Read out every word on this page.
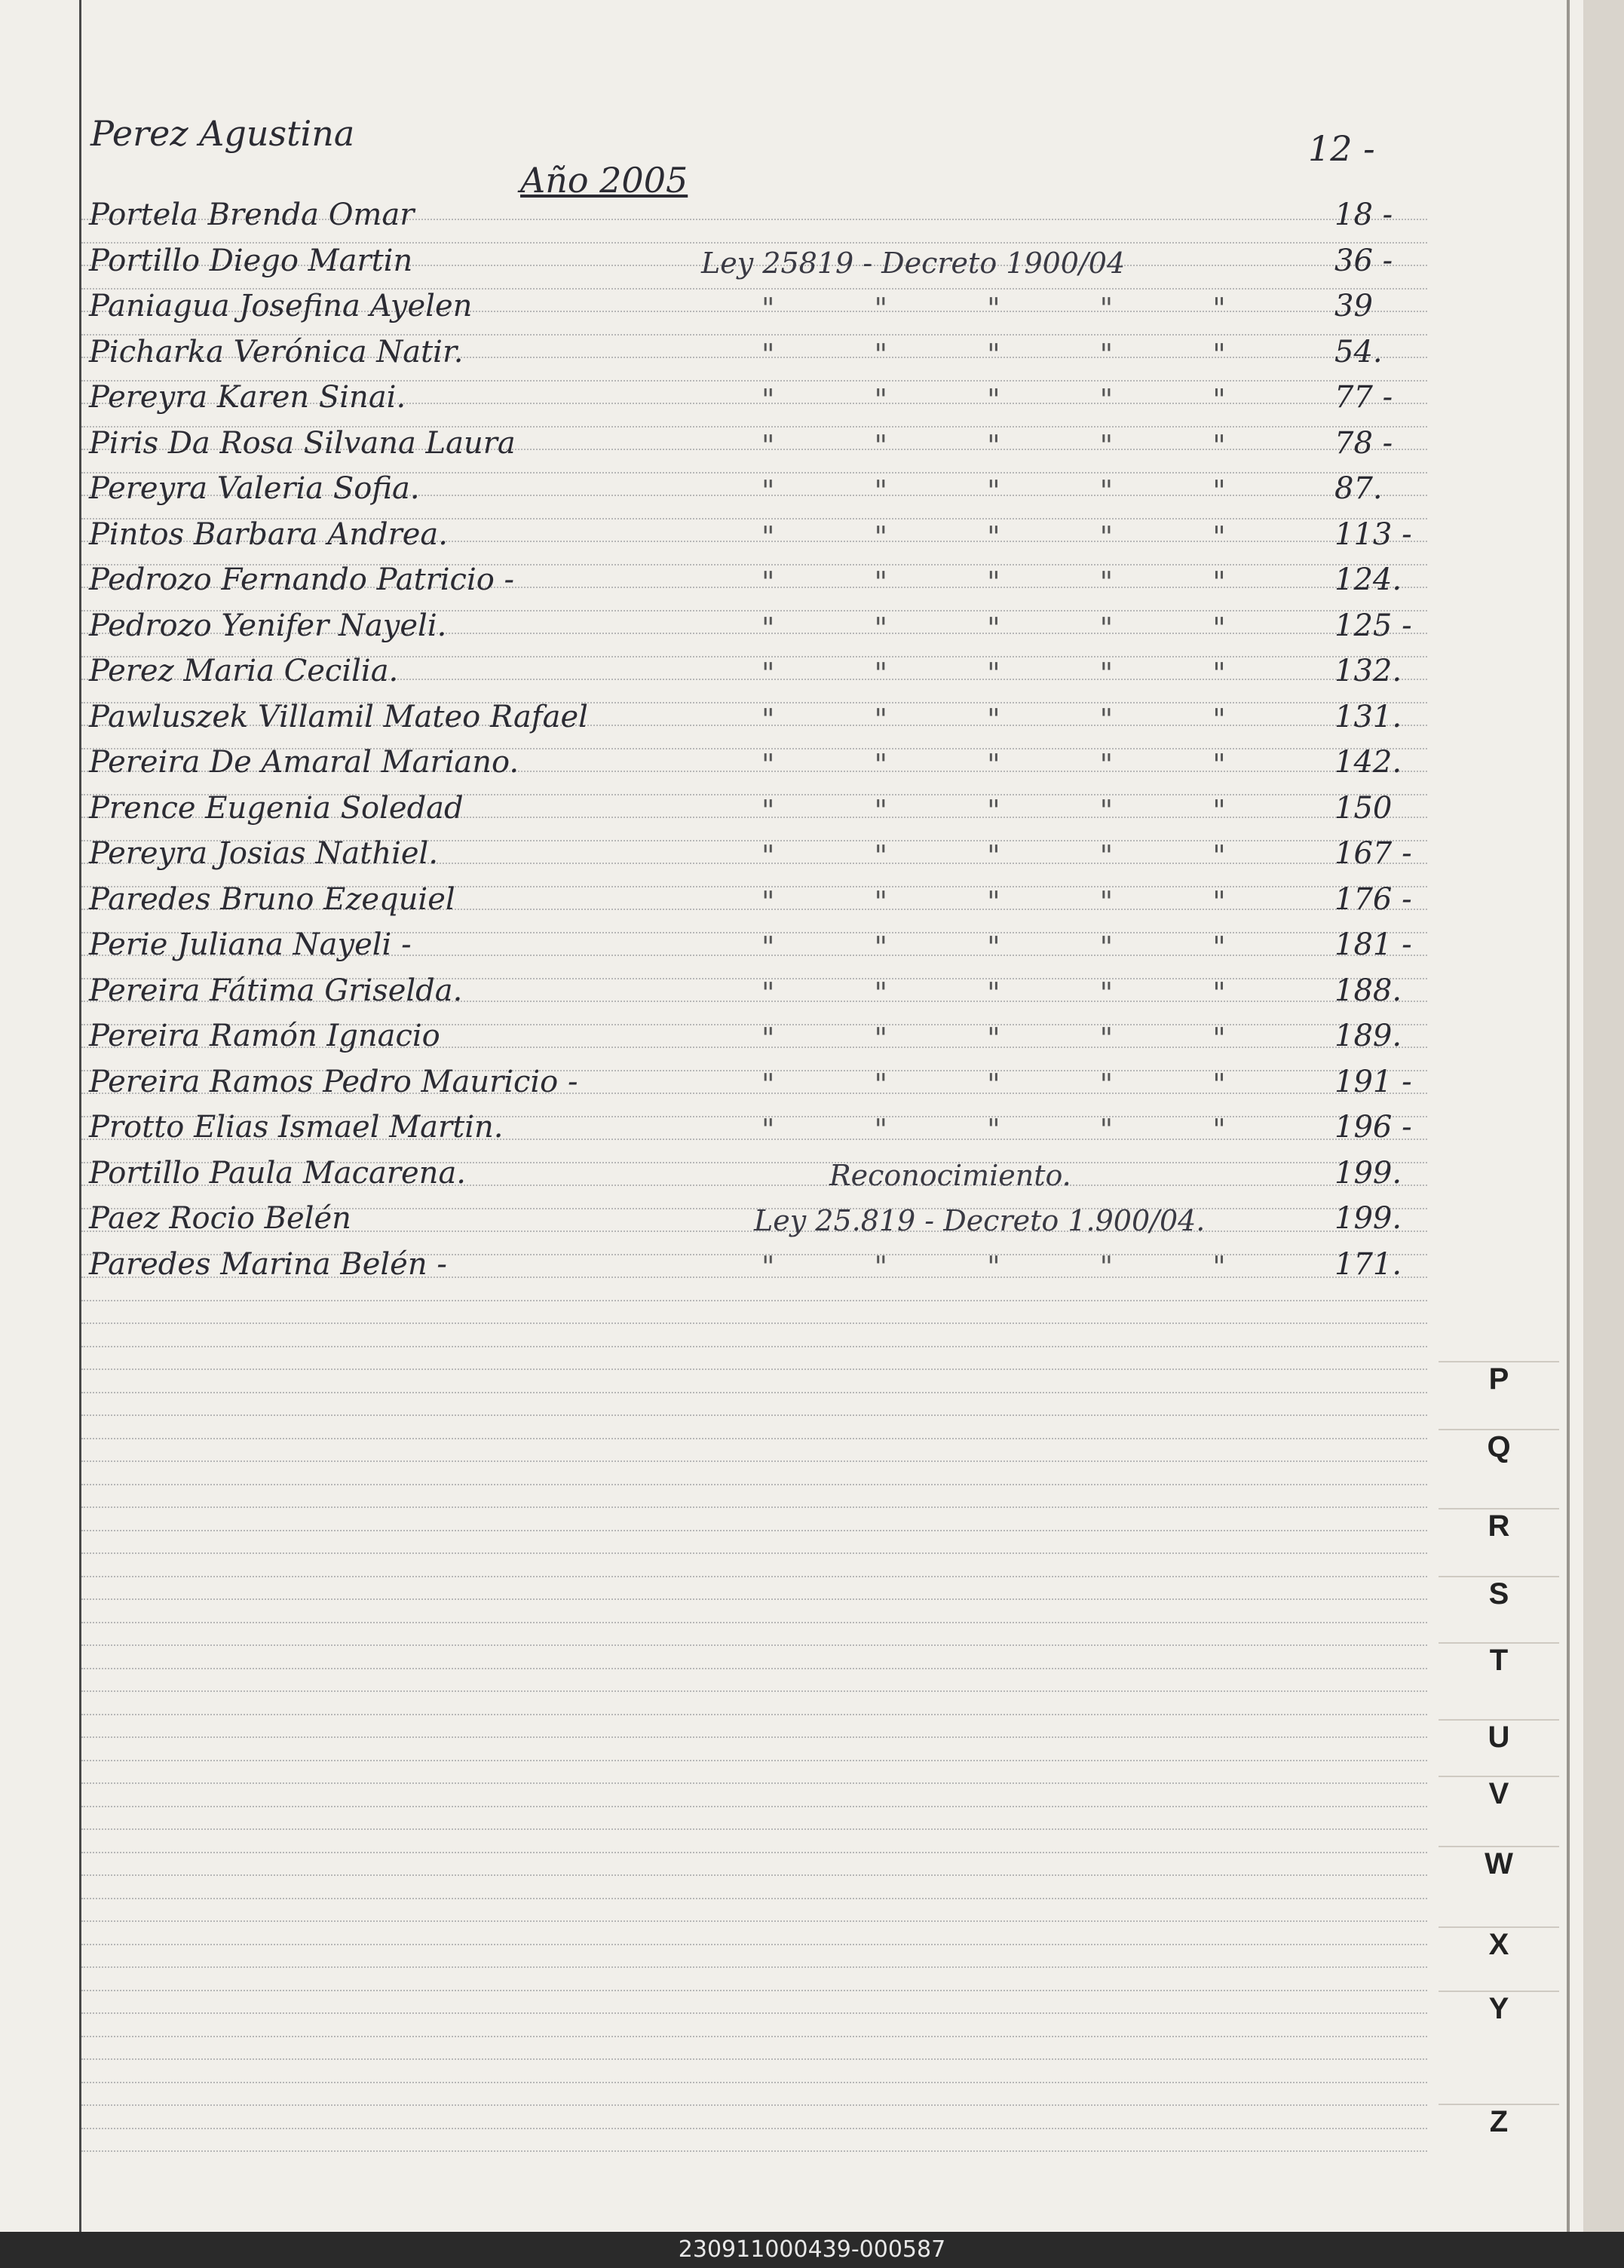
Perez Agustina
Año 2005
12 -
Portela Brenda Omar	18 -
Portillo Diego Martin	Ley 25819 - Decreto 1900/04	36 -
Paniagua Josefina Ayelen	" " " " " 39
Picharka Verónica Natir.	" " " " " 54.
Pereyra Karen Sinai.	" " " " " 77 -
Piris Da Rosa Silvana Laura	" " " " " 78 -
Pereyra Valeria Sofia.	" " " " " 87.
Pintos Barbara Andrea.	" " " " " 113 -
Pedrozo Fernando Patricio -	" " " " " 124.
Pedrozo Yenifer Nayeli.	" " " " " 125 -
Perez Maria Cecilia.	" " " " " 132.
Pawluszek Villamil Mateo Rafael	" " " " " 131.
Pereira De Amaral Mariano.	" " " " " 142.
Prence Eugenia Soledad	" " " " " 150
Pereyra Josias Nathiel.	" " " " " 167 -
Paredes Bruno Ezequiel	" " " " " 176 -
Perie Juliana Nayeli -	" " " " " 181 -
Pereira Fátima Griselda.	" " " " " 188.
Pereira Ramón Ignacio	" " " " " 189.
Pereira Ramos Pedro Mauricio -	" " " " " 191 -
Protto Elias Ismael Martin.	" " " " " 196 -
Portillo Paula Macarena.	Reconocimiento.	199.
Paez Rocio Belén	Ley 25.819 - Decreto 1.900/04.	199.
Paredes Marina Belén -	" " " " " 171.
P
Q
R
S
T
U
V
W
X
Y
Z
230911000439-000587
